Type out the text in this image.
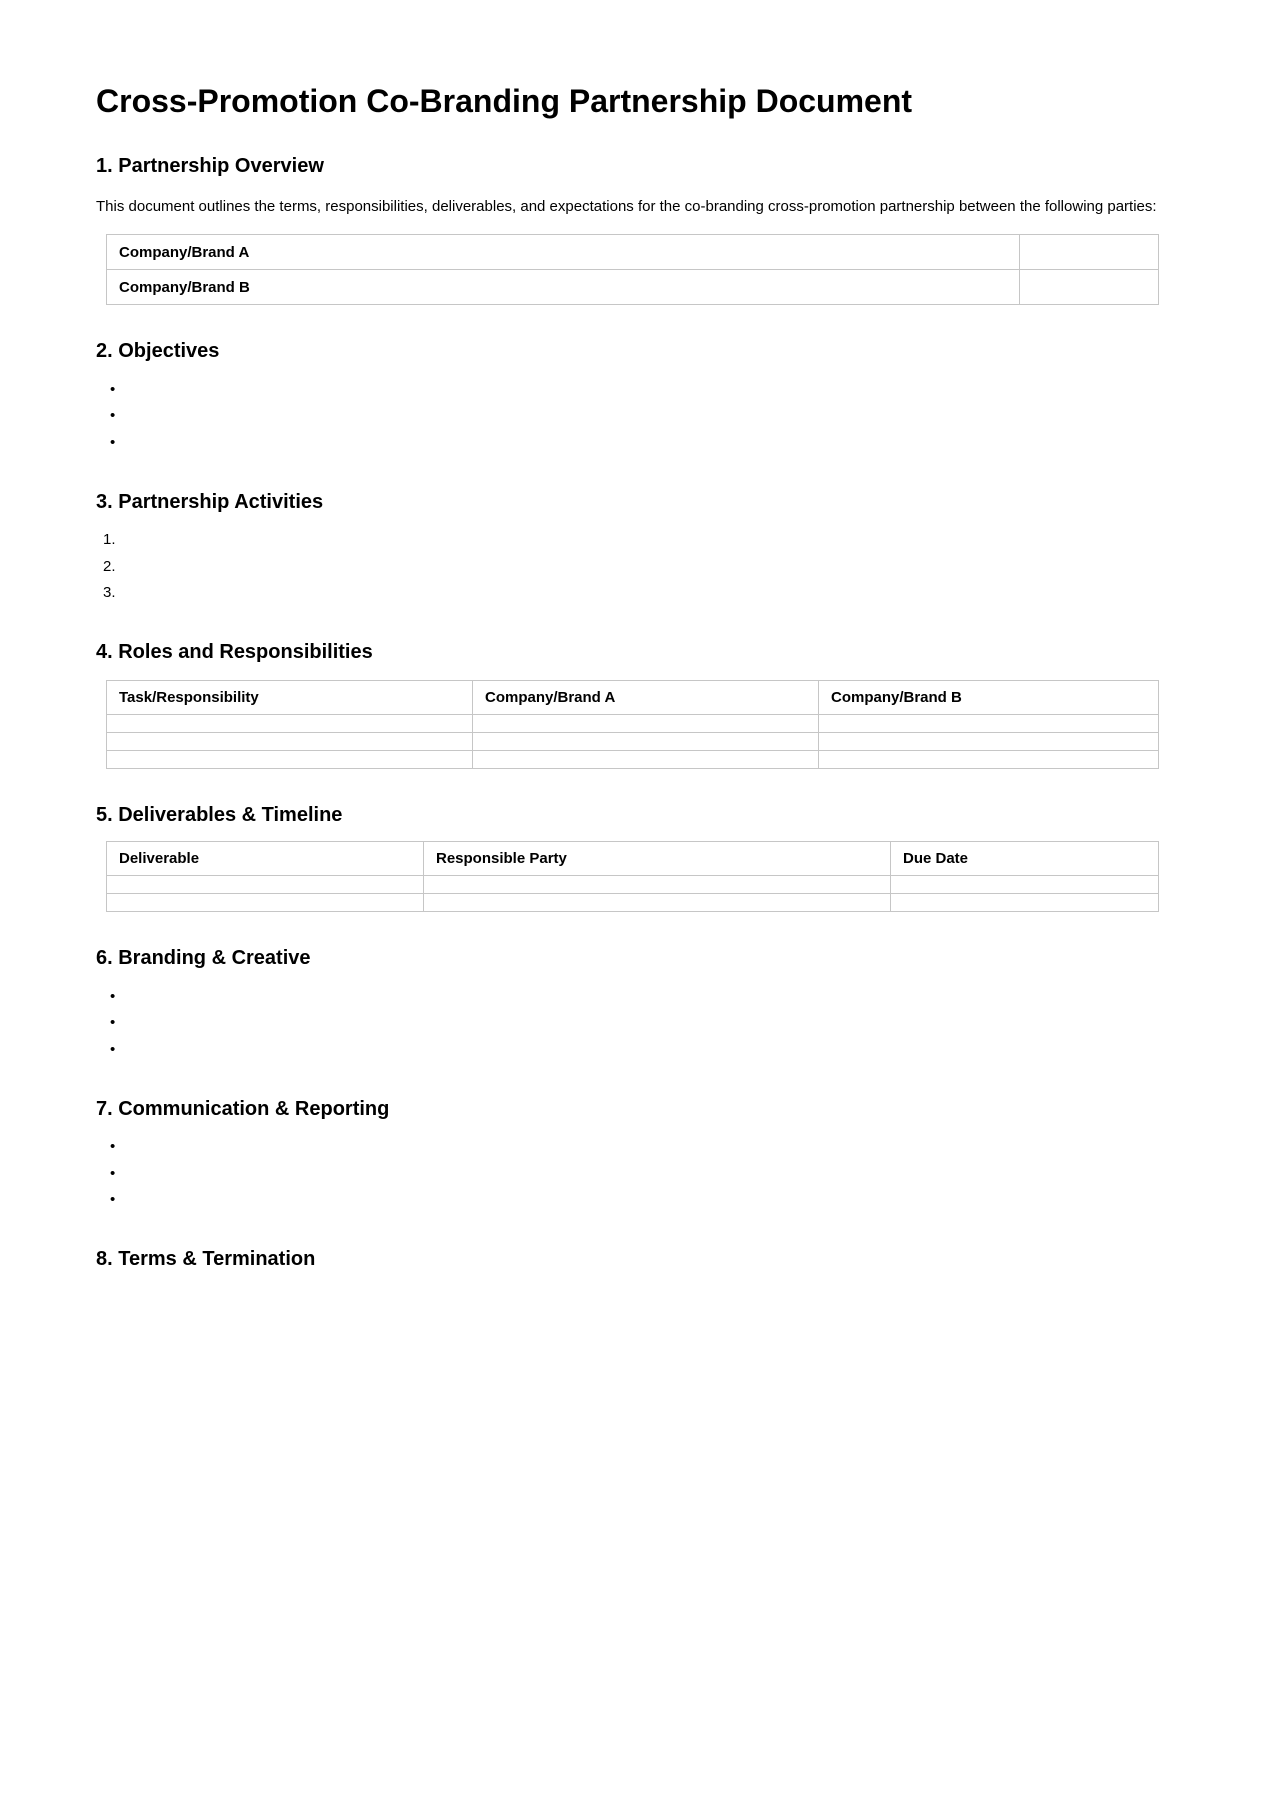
Cross-Promotion Co-Branding Partnership Document
1. Partnership Overview

This document outlines the terms, responsibilities, deliverables, and expectations for the co-branding cross-promotion partnership between the following parties:

Company/Brand A	
Company/Brand B	
2. Objectives
•
•
•
3. Partnership Activities
1.
2.
3.
4. Roles and Responsibilities
Task/Responsibility	Company/Brand A	Company/Brand B

5. Deliverables & Timeline
Deliverable	Responsible Party	Due Date

6. Branding & Creative
•
•
•
7. Communication & Reporting
•
•
•
8. Terms & Termination
